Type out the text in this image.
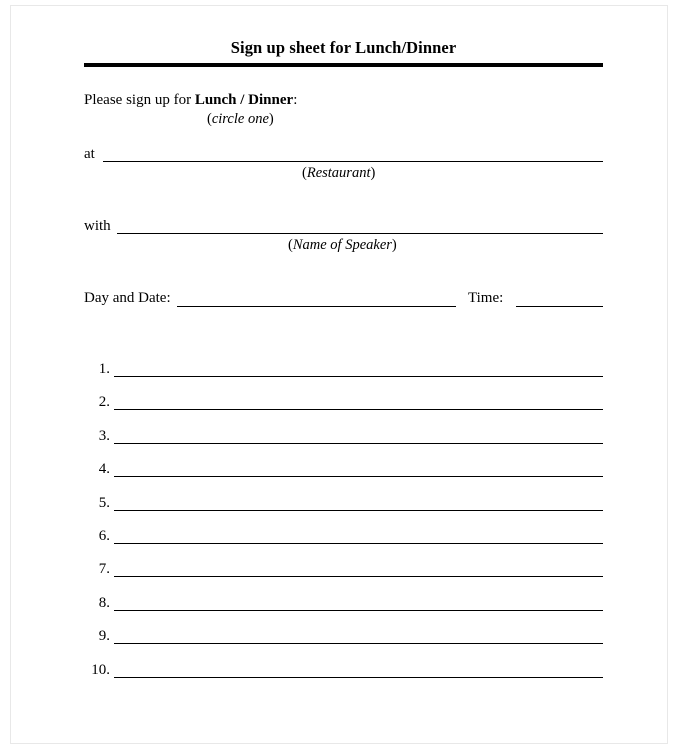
Sign up sheet for Lunch/Dinner
Please sign up for Lunch / Dinner:
(circle one)
at
(Restaurant)
with
(Name of Speaker)
Day and Date:	Time:
1.
2.
3.
4.
5.
6.
7.
8.
9.
10.
